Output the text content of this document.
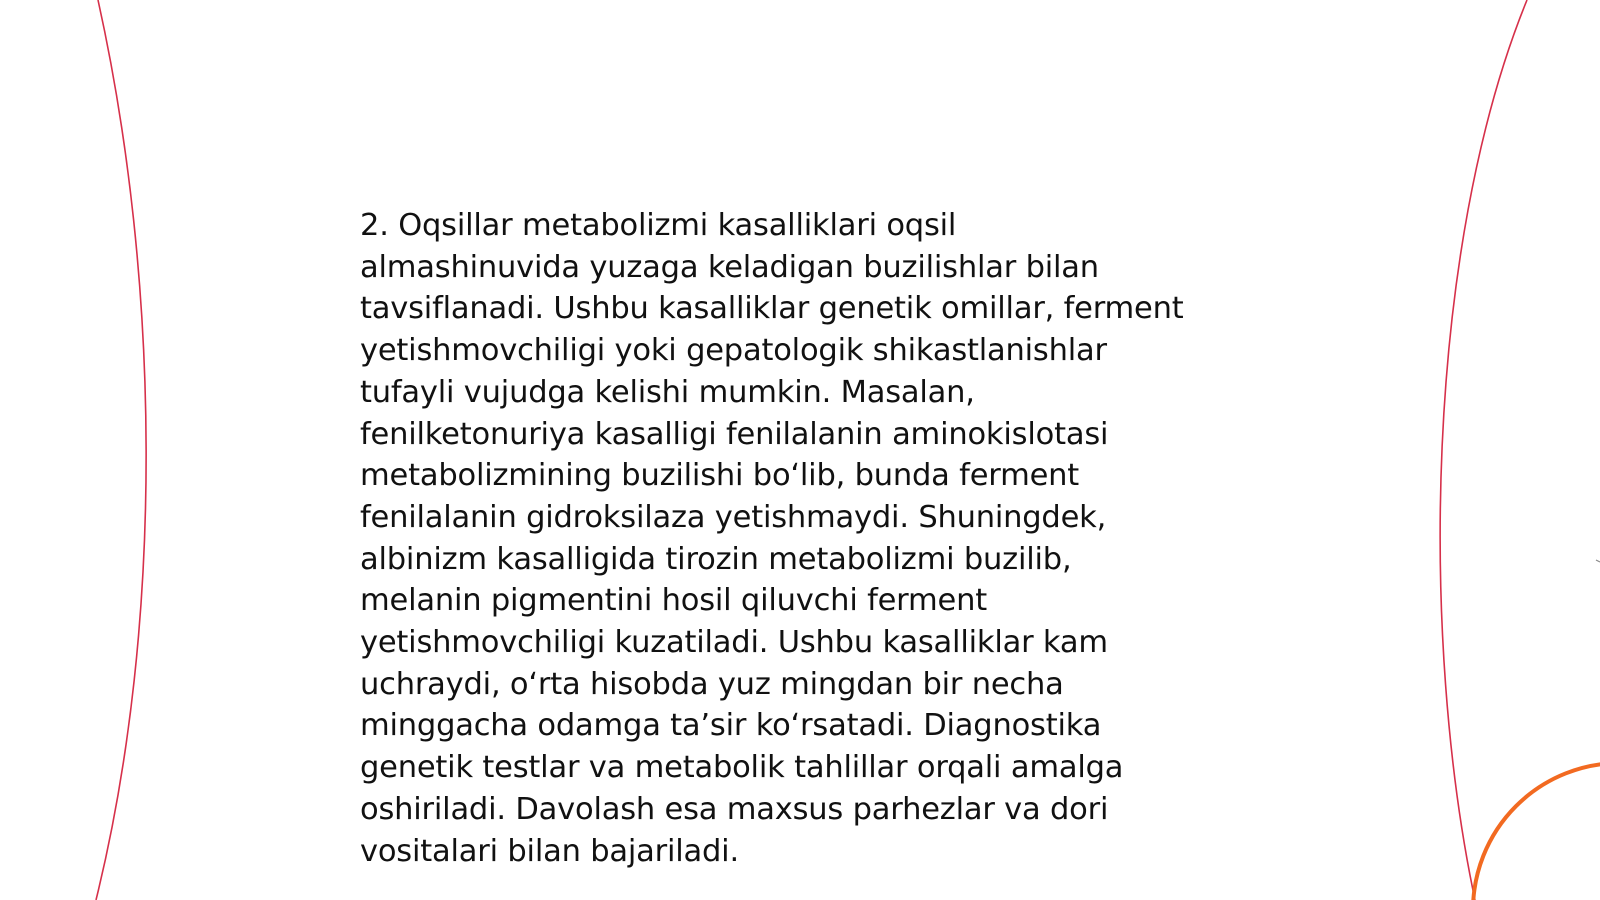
2. Oqsillar metabolizmi kasalliklari oqsil
almashinuvida yuzaga keladigan buzilishlar bilan
tavsiflanadi. Ushbu kasalliklar genetik omillar, ferment
yetishmovchiligi yoki gepatologik shikastlanishlar
tufayli vujudga kelishi mumkin. Masalan,
fenilketonuriya kasalligi fenilalanin aminokislotasi
metabolizmining buzilishi boʻlib, bunda ferment
fenilalanin gidroksilaza yetishmaydi. Shuningdek,
albinizm kasalligida tirozin metabolizmi buzilib,
melanin pigmentini hosil qiluvchi ferment
yetishmovchiligi kuzatiladi. Ushbu kasalliklar kam
uchraydi, oʻrta hisobda yuz mingdan bir necha
minggacha odamga taʼsir koʻrsatadi. Diagnostika
genetik testlar va metabolik tahlillar orqali amalga
oshiriladi. Davolash esa maxsus parhezlar va dori
vositalari bilan bajariladi.
